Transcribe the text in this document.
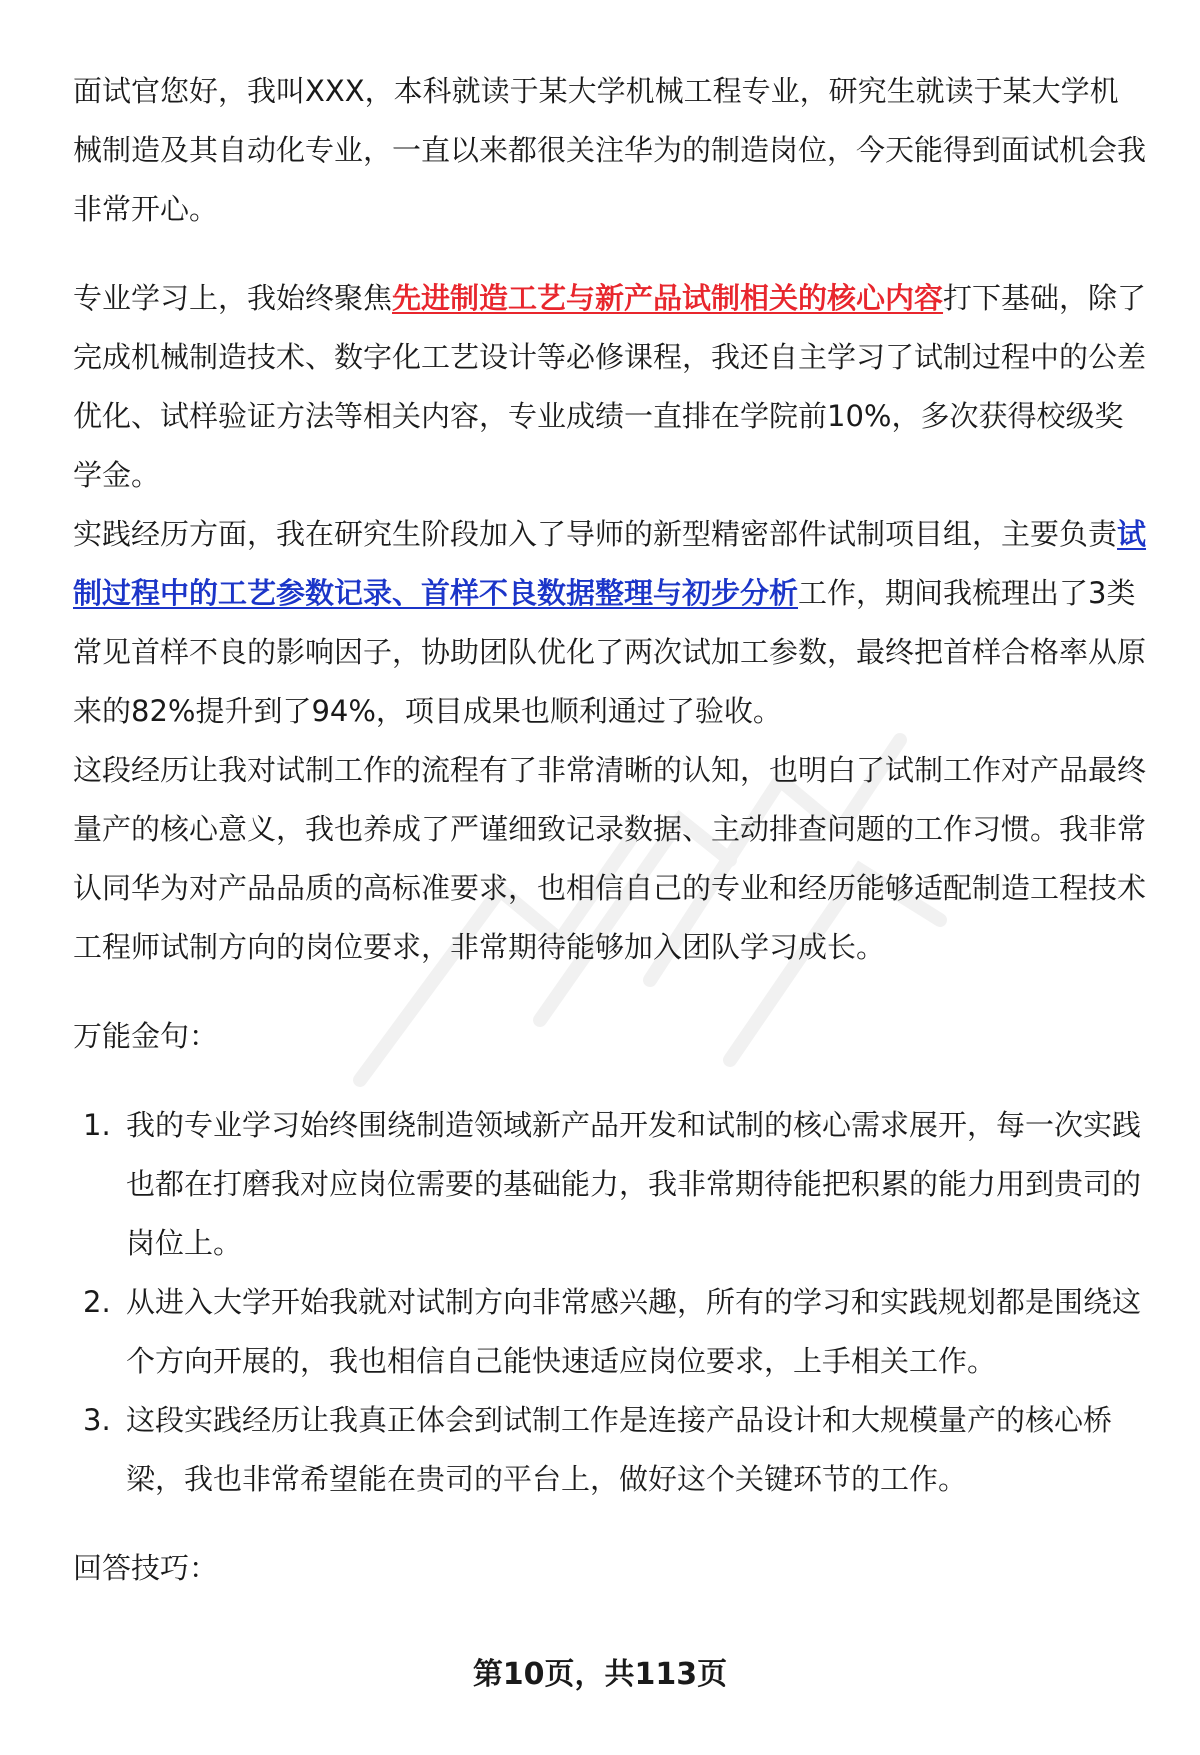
面试官您好，我叫XXX，本科就读于某大学机械工程专业，研究生就读于某大学机械制造及其自动化专业，一直以来都很关注华为的制造岗位，今天能得到面试机会我非常开心。

专业学习上，我始终聚焦先进制造工艺与新产品试制相关的核心内容打下基础，除了完成机械制造技术、数字化工艺设计等必修课程，我还自主学习了试制过程中的公差优化、试样验证方法等相关内容，专业成绩一直排在学院前10%，多次获得校级奖学金。

实践经历方面，我在研究生阶段加入了导师的新型精密部件试制项目组，主要负责试制过程中的工艺参数记录、首样不良数据整理与初步分析工作，期间我梳理出了3类常见首样不良的影响因子，协助团队优化了两次试加工参数，最终把首样合格率从原来的82%提升到了94%，项目成果也顺利通过了验收。

这段经历让我对试制工作的流程有了非常清晰的认知，也明白了试制工作对产品最终量产的核心意义，我也养成了严谨细致记录数据、主动排查问题的工作习惯。我非常认同华为对产品品质的高标准要求，也相信自己的专业和经历能够适配制造工程技术工程师试制方向的岗位要求，非常期待能够加入团队学习成长。

万能金句：

1. 我的专业学习始终围绕制造领域新产品开发和试制的核心需求展开，每一次实践也都在打磨我对应岗位需要的基础能力，我非常期待能把积累的能力用到贵司的岗位上。
2. 从进入大学开始我就对试制方向非常感兴趣，所有的学习和实践规划都是围绕这个方向开展的，我也相信自己能快速适应岗位要求，上手相关工作。
3. 这段实践经历让我真正体会到试制工作是连接产品设计和大规模量产的核心桥梁，我也非常希望能在贵司的平台上，做好这个关键环节的工作。

回答技巧：

第10页，共113页
